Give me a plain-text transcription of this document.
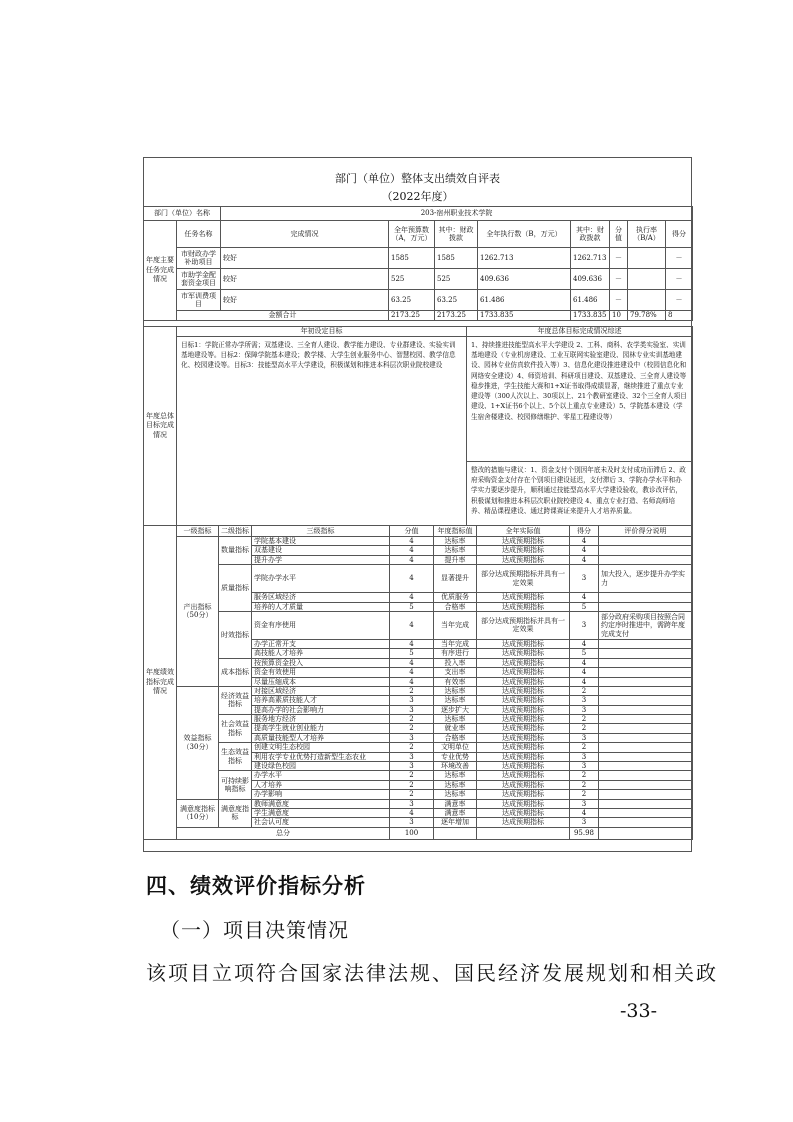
部门（单位）整体支出绩效自评表
（2022年度）
部门（单位）名称		203-宿州职业技术学院							
年度主要任务完成情况	任务名称	完成情况	全年预算数（A，万元）	其中：财政拨款	全年执行数（B，万元）	其中：财政拨款	分值	执行率（B/A）	得分
	市财政办学补助项目	较好	1585	1585	1262.713	1262.713	－		－
	市助学金配套资金项目	较好	525	525	409.636	409.636	－		－
	市军训费项目	较好	63.25	63.25	61.486	61.486	－		－
	金额合计		2173.25	2173.25	1733.835	1733.835	10	79.78%	8
年度总体目标完成情况	年初设定目标	年度总体目标完成情况综述
	目标1：学院正常办学所需；双基建设、三全育人建设、教学能力建设、专业群建设、实验实训基地建设等。目标2：保障学院基本建设；教学楼、大学生创业服务中心、智慧校园、教学信息化、校园建设等。目标3：技能型高水平大学建设，积极谋划和推进本科层次职业院校建设	1、持续推进技能型高水平大学建设 2、工科、商科、农学类实验室、实训基地建设（专业机房建设、工业互联网实验室建设、园林专业实训基地建设、园林专业仿真软件投入等）3、信息化建设推进建设中（校园信息化和网络安全建设）4、师资培训、科研项目建设、双基建设、三全育人建设等稳步推进，学生技能大赛和1+X证书取得成绩显著，继续推进了重点专业建设等（300人次以上、30项以上、21个教研室建设、32个三全育人项目建设、1+X证书6个以上、5个以上重点专业建设）5、学院基本建设（学生宿舍楼建设、校园修缮维护、零星工程建设等）
		整改的措施与建议：1、资金支付个别因年底未及时支付成功而滞后 2、政府采购资金支付存在个别项目建设延迟，支付滞后 3、学院办学水平和办学实力要逐步提升，顺利通过技能型高水平大学建设验收，教诊改评估，积极谋划和推进本科层次职业院校建设 4、重点专业打造、名师高师培养、精品课程建设、通过跨课赛证来提升人才培养质量。
年度绩效指标完成情况	一级指标	二级指标	三级指标	分值	年度指标值	全年实际值	得分	评价得分说明
	产出指标（50分）	数量指标	学院基本建设	4	达标率	达成预期指标	4	
			双基建设	4	达标率	达成预期指标	4	
			提升办学	4	提升率	达成预期指标	4	
		质量指标	学院办学水平	4	显著提升	部分达成预期指标并具有一定效果	3	加大投入，逐步提升办学实力
			服务区域经济	4	优质服务	达成预期指标	4	
			培养的人才质量	5	合格率	达成预期指标	5	
		时效指标	资金有序使用	4	当年完成	部分达成预期指标并具有一定效果	3	部分政府采购项目按照合同约定序时推进中，需跨年度完成支付
			办学正常开支	4	当年完成	达成预期指标	4	
			高技能人才培养	5	有序进行	达成预期指标	5	
		成本指标	按预算资金投入	4	投入率	达成预期指标	4	
			资金有效使用	4	支出率	达成预期指标	4	
			尽量压缩成本	4	有效率	达成预期指标	4	
	效益指标（30分）	经济效益指标	对接区域经济	2	达标率	达成预期指标	2	
			培养高素质技能人才	3	达标率	达成预期指标	3	
			提高办学的社会影响力	3	逐步扩大	达成预期指标	3	
		社会效益指标	服务地方经济	2	达标率	达成预期指标	2	
			提高学生就业创业能力	2	就业率	达成预期指标	2	
			高质量技能型人才培养	3	合格率	达成预期指标	3	
		生态效益指标	创建文明生态校园	2	文明单位	达成预期指标	2	
			利用农学专业优势打造新型生态农业	3	专业优势	达成预期指标	3	
			建设绿色校园	3	环境改善	达成预期指标	3	
		可持续影响指标	办学水平	2	达标率	达成预期指标	2	
			人才培养	2	达标率	达成预期指标	2	
			办学影响	2	达标率	达成预期指标	2	
	满意度指标（10分）	满意度指标	教师满意度	3	满意率	达成预期指标	3	
			学生满意度	4	满意率	达成预期指标	4	
			社会认可度	3	逐年增加	达成预期指标	3	
	总分			100			95.98	
四、绩效评价指标分析
（一）项目决策情况
该项目立项符合国家法律法规、国民经济发展规划和相关政
-33-
